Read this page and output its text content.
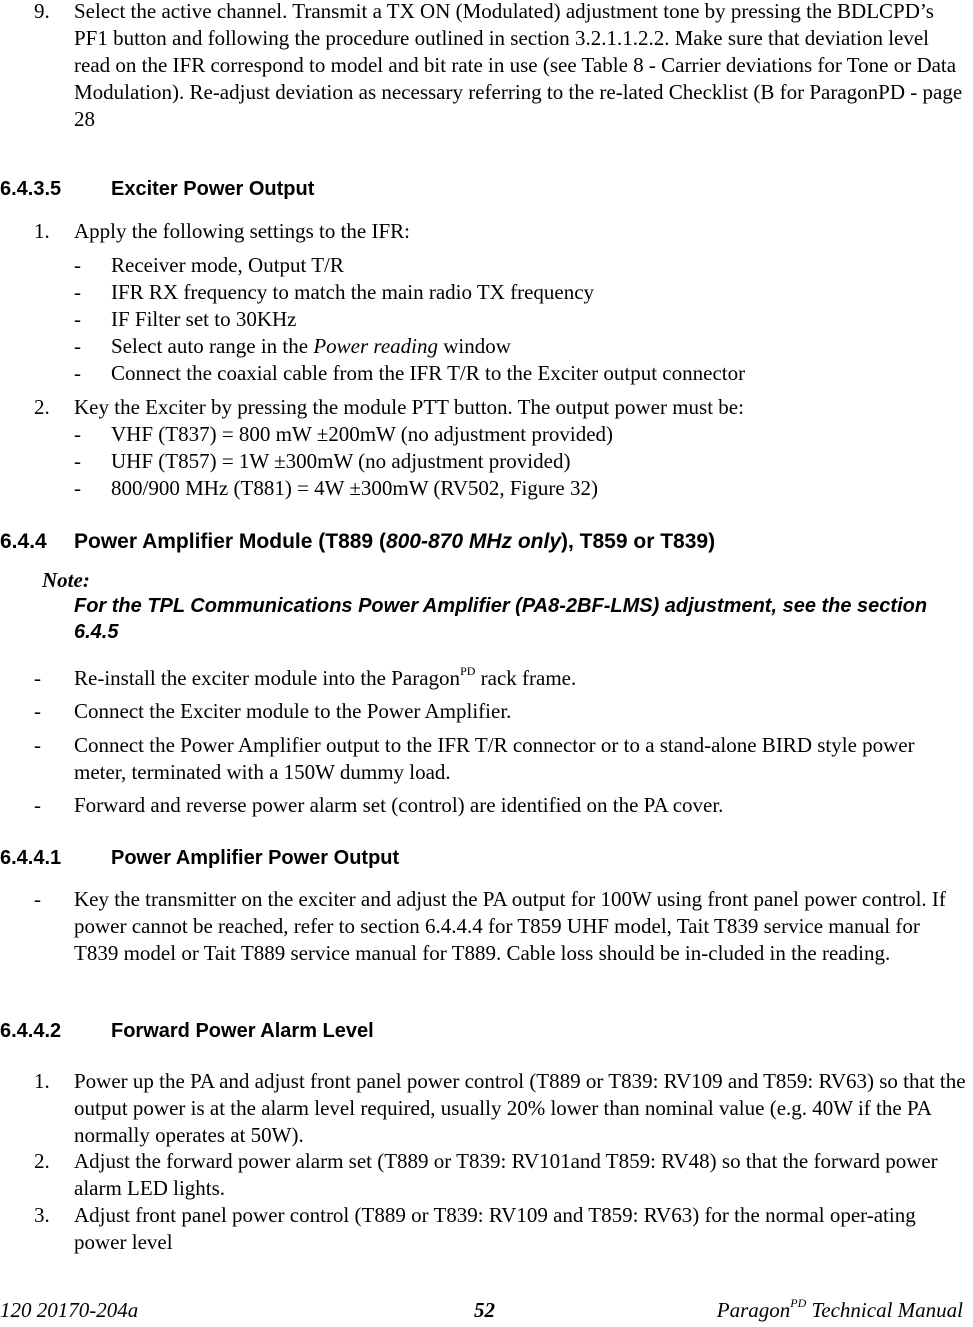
9. Select the active channel. Transmit a TX ON (Modulated) adjustment tone by pressing the BDLCPD’s PF1 button and following the procedure outlined in section 3.2.1.1.2.2. Make sure that deviation level read on the IFR correspond to model and bit rate in use (see Table 8 - Carrier deviations for Tone or Data Modulation). Re-adjust deviation as necessary referring to the re-lated Checklist (B for ParagonPD - page 28
6.4.3.5 Exciter Power Output
1. Apply the following settings to the IFR:
- Receiver mode, Output T/R
- IFR RX frequency to match the main radio TX frequency
- IF Filter set to 30KHz
- Select auto range in the Power reading window
- Connect the coaxial cable from the IFR T/R to the Exciter output connector
2. Key the Exciter by pressing the module PTT button. The output power must be:
- VHF (T837) = 800 mW ±200mW (no adjustment provided)
- UHF (T857) = 1W ±300mW (no adjustment provided)
- 800/900 MHz (T881) = 4W ±300mW (RV502, Figure 32)
6.4.4 Power Amplifier Module (T889 (800-870 MHz only), T859 or T839)
Note:
For the TPL Communications Power Amplifier (PA8-2BF-LMS) adjustment, see the section 6.4.5
- Re-install the exciter module into the Paragon$^{PD}$ rack frame.
- Connect the Exciter module to the Power Amplifier.
- Connect the Power Amplifier output to the IFR T/R connector or to a stand-alone BIRD style power meter, terminated with a 150W dummy load.
- Forward and reverse power alarm set (control) are identified on the PA cover.
6.4.4.1 Power Amplifier Power Output
- Key the transmitter on the exciter and adjust the PA output for 100W using front panel power control. If power cannot be reached, refer to section 6.4.4.4 for T859 UHF model, Tait T839 service manual for T839 model or Tait T889 service manual for T889. Cable loss should be in-cluded in the reading.
6.4.4.2 Forward Power Alarm Level
1. Power up the PA and adjust front panel power control (T889 or T839: RV109 and T859: RV63) so that the output power is at the alarm level required, usually 20% lower than nominal value (e.g. 40W if the PA normally operates at 50W).
2. Adjust the forward power alarm set (T889 or T839: RV101and T859: RV48) so that the forward power alarm LED lights.
3. Adjust front panel power control (T889 or T839: RV109 and T859: RV63) for the normal oper-ating power level
120 20170-204a	52	Paragon$^{PD}$ Technical Manual
